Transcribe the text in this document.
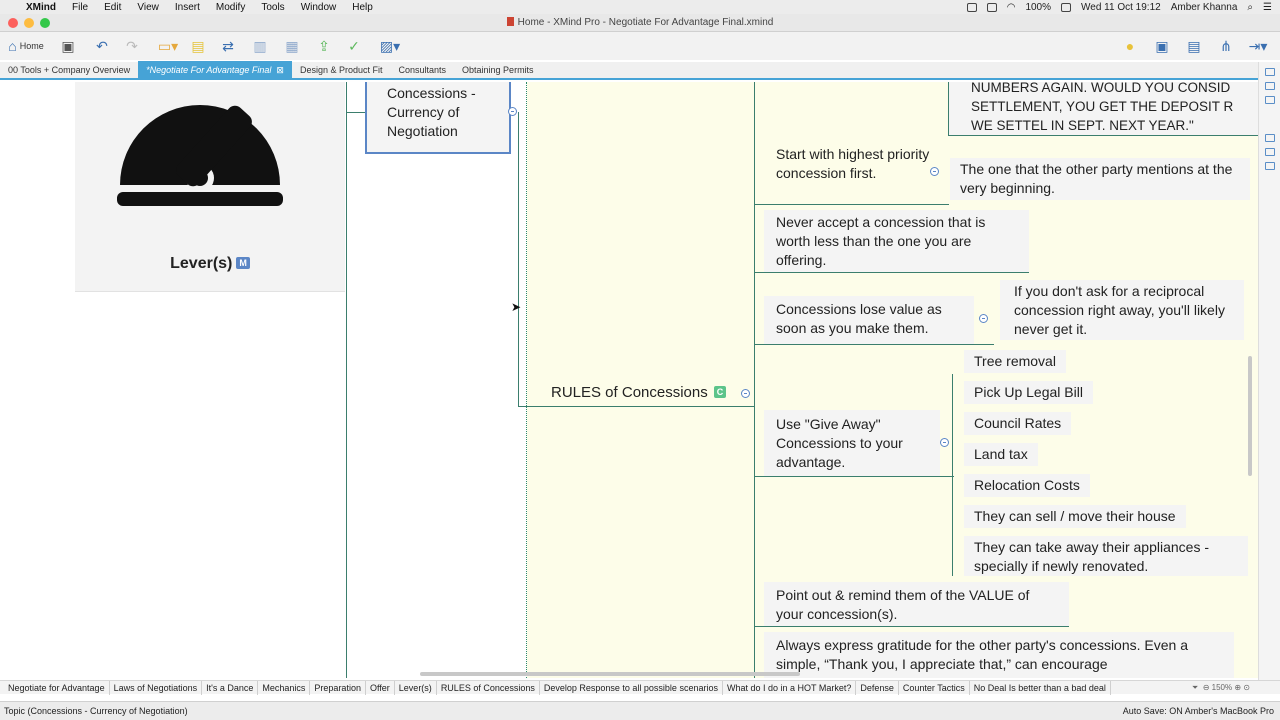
XMind File Edit View Insert Modify Tools Window Help	◠ 100%	Wed 11 Oct 19:12 Amber Khanna ⌕ ☰
Home - XMind Pro - Negotiate For Advantage Final.xmind
⌂ Home	▣	↶	↷	▭▾ ▤	⇄	▥	▦	⇪	✓	▨▾	●	▣ ▤ ⋔ ⇥▾
00 Tools + Company Overview	*Negotiate For Advantage Final ⊠	Design & Product Fit	Consultants	Obtaining Permits
Lever(s) M
Concessions - Currency of Negotiation
RULES of Concessions C
NUMBERS AGAIN. WOULD YOU CONSID SETTLEMENT, YOU GET THE DEPOSIT R WE SETTEL IN SEPT. NEXT YEAR."
Start with highest priority concession first.	The one that the other party mentions at the very beginning.
Never accept a concession that is worth less than the one you are offering.
Concessions lose value as soon as you make them.
If you don't ask for a reciprocal concession right away, you'll likely never get it.
Use "Give Away" Concessions to your advantage.
Tree removal
Pick Up Legal Bill
Council Rates
Land tax
Relocation Costs
They can sell / move their house
They can take away their appliances - specially if newly renovated.
Point out & remind them of the VALUE of your concession(s).
Always express gratitude for the other party's concessions. Even a simple, “Thank you, I appreciate that,” can encourage
➤
Negotiate for Advantage	Laws of Negotiations	It's a Dance	Mechanics	Preparation	Offer	Lever(s)	RULES of Concessions	Develop Response to all possible scenarios	What do I do in a HOT Market?	Defense	Counter Tactics	No Deal Is better than a bad deal	⏷ ⊖ 150% ⊕ ⊙
Topic (Concessions - Currency of Negotiation)	Auto Save: ON Amber's MacBook Pro
